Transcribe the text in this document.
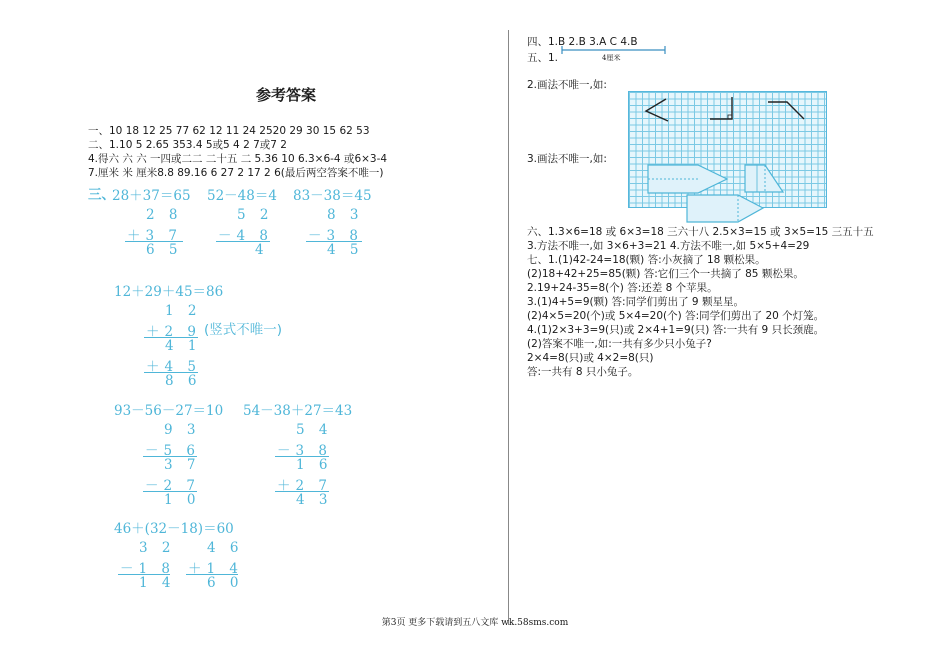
参考答案
一、10 18 12 25 77 62 12 11 24 2520 29 30 15 62 53
二、1.10 5 2.65 353.4 5或5 4 2 7或7 2
4.得六 六 六 一四或二二 二十五 二 5.36 10 6.3×6-4 或6×3-4
7.厘米 米 厘米8.8 89.16 6 27 2 17 2 6(最后两空答案不唯一)
三、
28＋37＝65 52－48＝4 83－38＝45
2 8
＋3 7
6 5
5 2
－4 8
4
8 3
－3 8
4 5
12＋29＋45＝86
1 2
＋2 9
4 1
＋4 5
8 6
(竖式不唯一)
93－56－27＝10 54－38＋27＝43
9 3
－5 6
3 7
－2 7
1 0
5 4
－3 8
1 6
＋2 7
4 3
46＋(32－18)＝60
3 2
－1 8
1 4
4 6
＋1 4
6 0
四、1.B 2.B 3.A C 4.B
五、1.	4厘米
2.画法不唯一,如:
3.画法不唯一,如:
六、1.3×6=18 或 6×3=18 三六十八 2.5×3=15 或 3×5=15 三五十五
3.方法不唯一,如 3×6+3=21 4.方法不唯一,如 5×5+4=29
七、1.(1)42-24=18(颗) 答:小灰摘了 18 颗松果。
(2)18+42+25=85(颗) 答:它们三个一共摘了 85 颗松果。
2.19+24-35=8(个) 答:还差 8 个苹果。
3.(1)4+5=9(颗) 答:同学们剪出了 9 颗星星。
(2)4×5=20(个)或 5×4=20(个) 答:同学们剪出了 20 个灯笼。
4.(1)2×3+3=9(只)或 2×4+1=9(只) 答:一共有 9 只长颈鹿。
(2)答案不唯一,如:一共有多少只小兔子?
2×4=8(只)或 4×2=8(只)
答:一共有 8 只小兔子。
第3页 更多下载请到五八文库 wk.58sms.com
